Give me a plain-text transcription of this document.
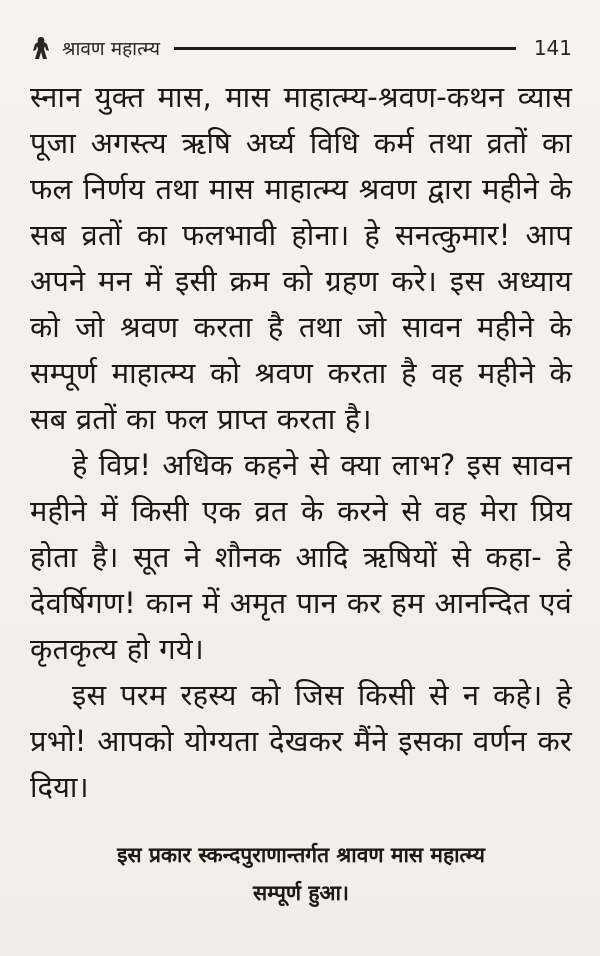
श्रावण महात्म्य	141

स्नान युक्त मास, मास माहात्म्य-श्रवण-कथन व्यास पूजा अगस्त्य ऋषि अर्घ्य विधि कर्म तथा व्रतों का फल निर्णय तथा मास माहात्म्य श्रवण द्वारा महीने के सब व्रतों का फलभावी होना। हे सनत्कुमार! आप अपने मन में इसी क्रम को ग्रहण करे। इस अध्याय को जो श्रवण करता है तथा जो सावन महीने के सम्पूर्ण माहात्म्य को श्रवण करता है वह महीने के सब व्रतों का फल प्राप्त करता है।

हे विप्र! अधिक कहने से क्या लाभ? इस सावन महीने में किसी एक व्रत के करने से वह मेरा प्रिय होता है। सूत ने शौनक आदि ऋषियों से कहा- हे देवर्षिगण! कान में अमृत पान कर हम आनन्दित एवं कृतकृत्य हो गये।

इस परम रहस्य को जिस किसी से न कहे। हे प्रभो! आपको योग्यता देखकर मैंने इसका वर्णन कर दिया।

इस प्रकार स्कन्दपुराणान्तर्गत श्रावण मास महात्म्य
सम्पूर्ण हुआ।
